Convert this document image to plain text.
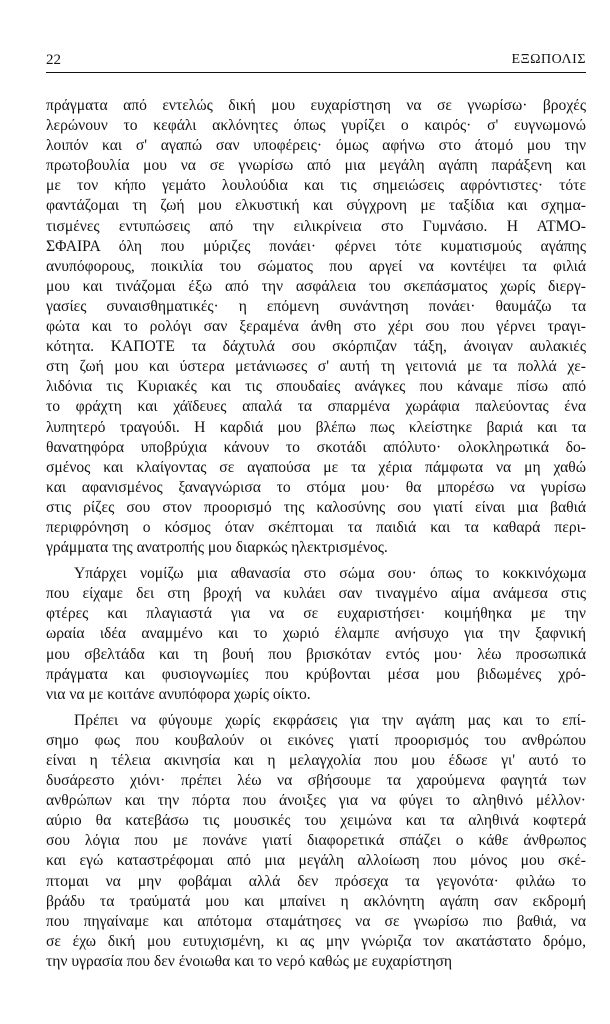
22	ΕΞΩΠΟΛΙΣ

πράγματα από εντελώς δική μου ευχαρίστηση να σε γνωρίσω· βροχές
λερώνουν το κεφάλι ακλόνητες όπως γυρίζει ο καιρός· σ' ευγνωμονώ
λοιπόν και σ' αγαπώ σαν υποφέρεις· όμως αφήνω στο άτομό μου την
πρωτοβουλία μου να σε γνωρίσω από μια μεγάλη αγάπη παράξενη και
με τον κήπο γεμάτο λουλούδια και τις σημειώσεις αφρόντιστες· τότε
φαντάζομαι τη ζωή μου ελκυστική και σύγχρονη με ταξίδια και σχημα-
τισμένες εντυπώσεις από την ειλικρίνεια στο Γυμνάσιο. Η ΑΤΜΟ-
ΣΦΑΙΡΑ όλη που μύριζες πονάει· φέρνει τότε κυματισμούς αγάπης
ανυπόφορους, ποικιλία του σώματος που αργεί να κοντέψει τα φιλιά
μου και τινάζομαι έξω από την ασφάλεια του σκεπάσματος χωρίς διεργ-
γασίες συναισθηματικές· η επόμενη συνάντηση πονάει· θαυμάζω τα
φώτα και το ρολόγι σαν ξεραμένα άνθη στο χέρι σου που γέρνει τραγι-
κότητα. ΚΑΠΟΤΕ τα δάχτυλά σου σκόρπιζαν τάξη, άνοιγαν αυλακιές
στη ζωή μου και ύστερα μετάνιωσες σ' αυτή τη γειτονιά με τα πολλά χε-
λιδόνια τις Κυριακές και τις σπουδαίες ανάγκες που κάναμε πίσω από
το φράχτη και χάϊδευες απαλά τα σπαρμένα χωράφια παλεύοντας ένα
λυπητερό τραγούδι. Η καρδιά μου βλέπω πως κλείστηκε βαριά και τα
θανατηφόρα υποβρύχια κάνουν το σκοτάδι απόλυτο· ολοκληρωτικά δο-
σμένος και κλαίγοντας σε αγαπούσα με τα χέρια πάμφωτα να μη χαθώ
και αφανισμένος ξαναγνώρισα το στόμα μου· θα μπορέσω να γυρίσω
στις ρίζες σου στον προορισμό της καλοσύνης σου γιατί είναι μια βαθιά
περιφρόνηση ο κόσμος όταν σκέπτομαι τα παιδιά και τα καθαρά περι-
γράμματα της ανατροπής μου διαρκώς ηλεκτρισμένος.

Υπάρχει νομίζω μια αθανασία στο σώμα σου· όπως το κοκκινόχωμα
που είχαμε δει στη βροχή να κυλάει σαν τιναγμένο αίμα ανάμεσα στις
φτέρες και πλαγιαστά για να σε ευχαριστήσει· κοιμήθηκα με την
ωραία ιδέα αναμμένο και το χωριό έλαμπε ανήσυχο για την ξαφνική
μου σβελτάδα και τη βουή που βρισκόταν εντός μου· λέω προσωπικά
πράγματα και φυσιογνωμίες που κρύβονται μέσα μου βιδωμένες χρό-
νια να με κοιτάνε ανυπόφορα χωρίς οίκτο.

Πρέπει να φύγουμε χωρίς εκφράσεις για την αγάπη μας και το επί-
σημο φως που κουβαλούν οι εικόνες γιατί προορισμός του ανθρώπου
είναι η τέλεια ακινησία και η μελαγχολία που μου έδωσε γι' αυτό το
δυσάρεστο χιόνι· πρέπει λέω να σβήσουμε τα χαρούμενα φαγητά των
ανθρώπων και την πόρτα που άνοιξες για να φύγει το αληθινό μέλλον·
αύριο θα κατεβάσω τις μουσικές του χειμώνα και τα αληθινά κοφτερά
σου λόγια που με πονάνε γιατί διαφορετικά σπάζει ο κάθε άνθρωπος
και εγώ καταστρέφομαι από μια μεγάλη αλλοίωση που μόνος μου σκέ-
πτομαι να μην φοβάμαι αλλά δεν πρόσεχα τα γεγονότα· φιλάω το
βράδυ τα τραύματά μου και μπαίνει η ακλόνητη αγάπη σαν εκδρομή
που πηγαίναμε και απότομα σταμάτησες να σε γνωρίσω πιο βαθιά, να
σε έχω δική μου ευτυχισμένη, κι ας μην γνώριζα τον ακατάστατο δρόμο,
την υγρασία που δεν ένοιωθα και το νερό καθώς με ευχαρίστηση
